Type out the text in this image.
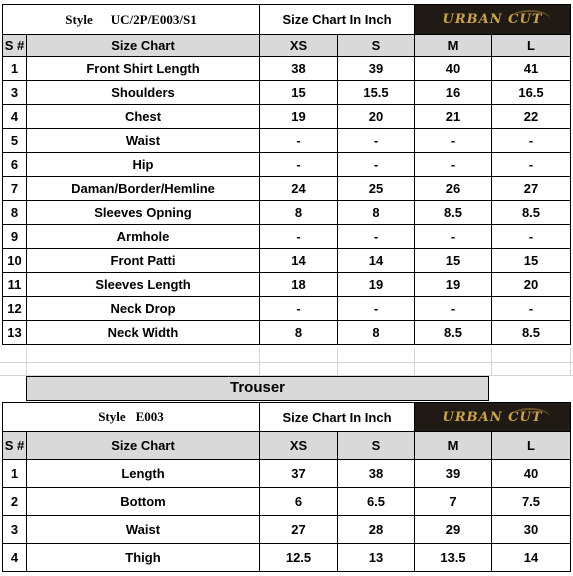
Style UC/2P/E003/S1		Size Chart In Inch		URBAN CUT	
S #	Size Chart	XS	S	M	L
1	Front Shirt Length	38	39	40	41
3	Shoulders	15	15.5	16	16.5
4	Chest	19	20	21	22
5	Waist	-	-	-	-
6	Hip	-	-	-	-
7	Daman/Border/Hemline	24	25	26	27
8	Sleeves Opning	8	8	8.5	8.5
9	Armhole	-	-	-	-
10	Front Patti	14	14	15	15
11	Sleeves Length	18	19	19	20
12	Neck Drop	-	-	-	-
13	Neck Width	8	8	8.5	8.5
Trouser
Style E003		Size Chart In Inch		URBAN CUT	
S #	Size Chart	XS	S	M	L
1	Length	37	38	39	40
2	Bottom	6	6.5	7	7.5
3	Waist	27	28	29	30
4	Thigh	12.5	13	13.5	14
